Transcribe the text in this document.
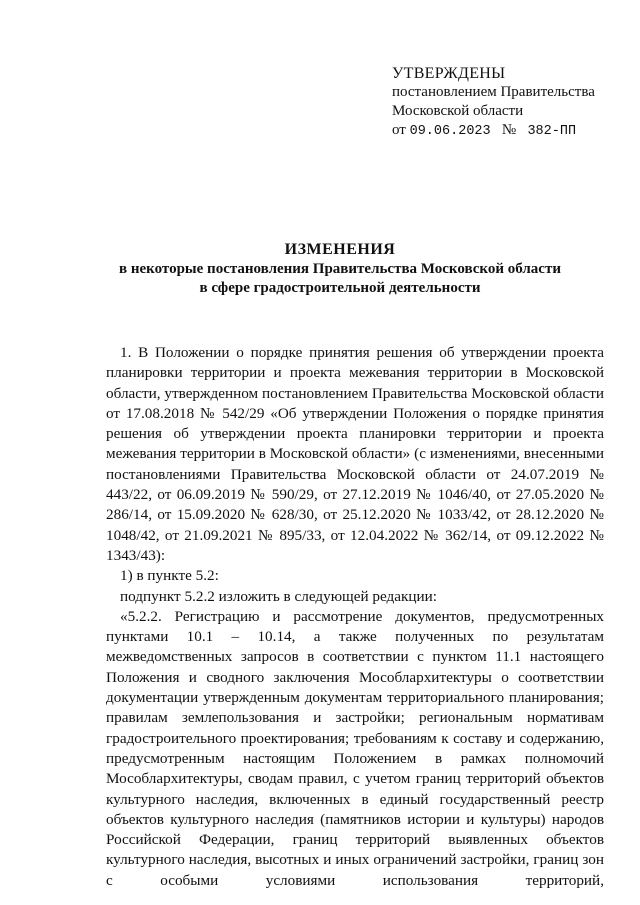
УТВЕРЖДЕНЫ
постановлением Правительства
Московской области
от 09.06.2023 № 382-ПП
ИЗМЕНЕНИЯ
в некоторые постановления Правительства Московской области
в сфере градостроительной деятельности

1. В Положении о порядке принятия решения об утверждении проекта планировки территории и проекта межевания территории в Московской области, утвержденном постановлением Правительства Московской области от 17.08.2018 № 542/29 «Об утверждении Положения о порядке принятия решения об утверждении проекта планировки территории и проекта межевания территории в Московской области» (с изменениями, внесенными постановлениями Правительства Московской области от 24.07.2019 № 443/22, от 06.09.2019 № 590/29, от 27.12.2019 № 1046/40, от 27.05.2020 № 286/14, от 15.09.2020 № 628/30, от 25.12.2020 № 1033/42, от 28.12.2020 № 1048/42, от 21.09.2021 № 895/33, от 12.04.2022 № 362/14, от 09.12.2022 № 1343/43):

1) в пункте 5.2:

подпункт 5.2.2 изложить в следующей редакции:

«5.2.2. Регистрацию и рассмотрение документов, предусмотренных пунктами 10.1 – 10.14, а также полученных по результатам межведомственных запросов в соответствии с пунктом 11.1 настоящего Положения и сводного заключения Мособлархитектуры о соответствии документации утвержденным документам территориального планирования; правилам землепользования и застройки; региональным нормативам градостроительного проектирования; требованиям к составу и содержанию, предусмотренным настоящим Положением в рамках полномочий Мособлархитектуры, сводам правил, с учетом границ территорий объектов культурного наследия, включенных в единый государственный реестр объектов культурного наследия (памятников истории и культуры) народов Российской Федерации, границ территорий выявленных объектов культурного наследия, высотных и иных ограничений застройки, границ зон с особыми условиями использования территорий,
